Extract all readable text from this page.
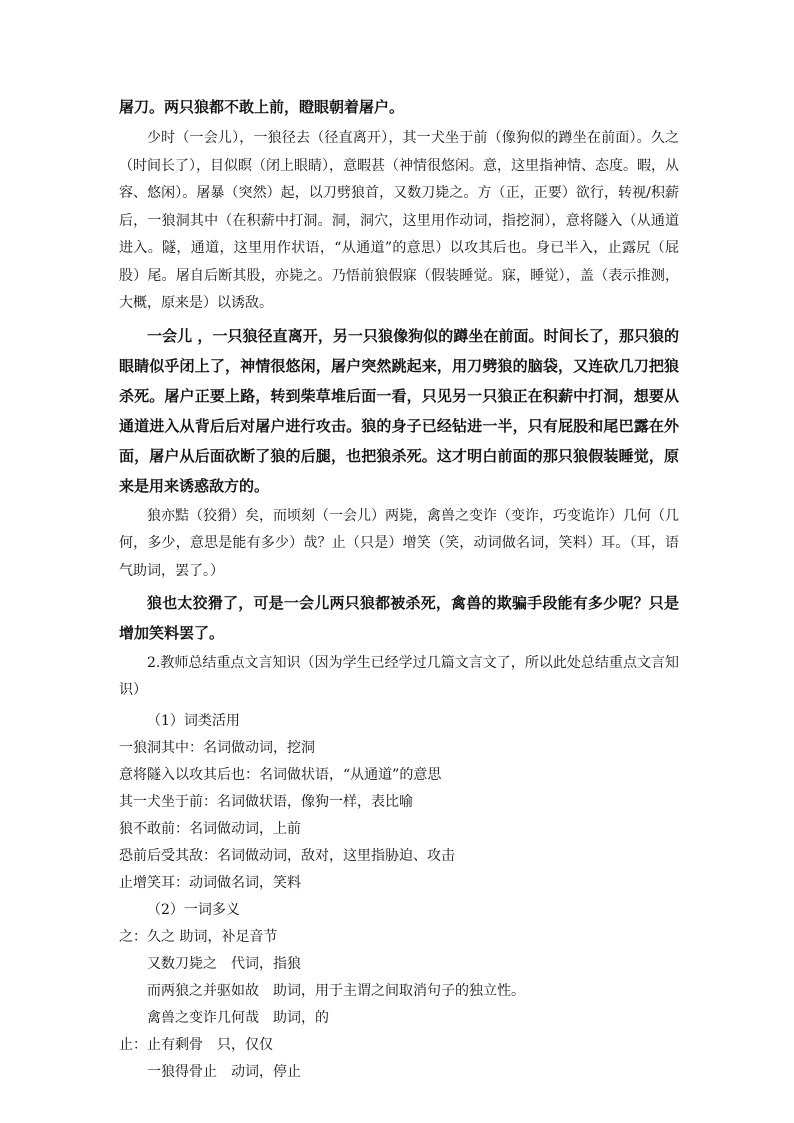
屠刀。两只狼都不敢上前，瞪眼朝着屠户。

少时（一会儿），一狼径去（径直离开），其一犬坐于前（像狗似的蹲坐在前面）。久之（时间长了），目似瞑（闭上眼睛），意暇甚（神情很悠闲。意，这里指神情、态度。暇，从容、悠闲）。屠暴（突然）起，以刀劈狼首，又数刀毙之。方（正，正要）欲行，转视/积薪后，一狼洞其中（在积薪中打洞。洞，洞穴，这里用作动词，指挖洞），意将隧入（从通道进入。隧，通道，这里用作状语，“从通道”的意思）以攻其后也。身已半入，止露尻（屁股）尾。屠自后断其股，亦毙之。乃悟前狼假寐（假装睡觉。寐，睡觉），盖（表示推测，大概，原来是）以诱敌。

一会儿 ，一只狼径直离开，另一只狼像狗似的蹲坐在前面。时间长了，那只狼的眼睛似乎闭上了，神情很悠闲，屠户突然跳起来，用刀劈狼的脑袋，又连砍几刀把狼杀死。屠户正要上路，转到柴草堆后面一看，只见另一只狼正在积薪中打洞，想要从通道进入从背后后对屠户进行攻击。狼的身子已经钻进一半，只有屁股和尾巴露在外面，屠户从后面砍断了狼的后腿，也把狼杀死。这才明白前面的那只狼假装睡觉，原来是用来诱惑敌方的。

狼亦黠（狡猾）矣，而顷刻（一会儿）两毙，禽兽之变诈（变诈，巧变诡诈）几何（几何，多少，意思是能有多少）哉？止（只是）增笑（笑，动词做名词，笑料）耳。（耳，语气助词，罢了。）

狼也太狡猾了，可是一会儿两只狼都被杀死，禽兽的欺骗手段能有多少呢？只是增加笑料罢了。

2.教师总结重点文言知识（因为学生已经学过几篇文言文了，所以此处总结重点文言知识）

（1）词类活用

一狼洞其中：名词做动词，挖洞

意将隧入以攻其后也：名词做状语，“从通道”的意思

其一犬坐于前：名词做状语，像狗一样，表比喻

狼不敢前：名词做动词，上前

恐前后受其敌：名词做动词，敌对，这里指胁迫、攻击

止增笑耳：动词做名词，笑料

（2）一词多义

之：久之 助词，补足音节

又数刀毙之　代词，指狼

而两狼之并驱如故　助词，用于主谓之间取消句子的独立性。

禽兽之变诈几何哉　助词，的

止：止有剩骨　只，仅仅

一狼得骨止　动词，停止
